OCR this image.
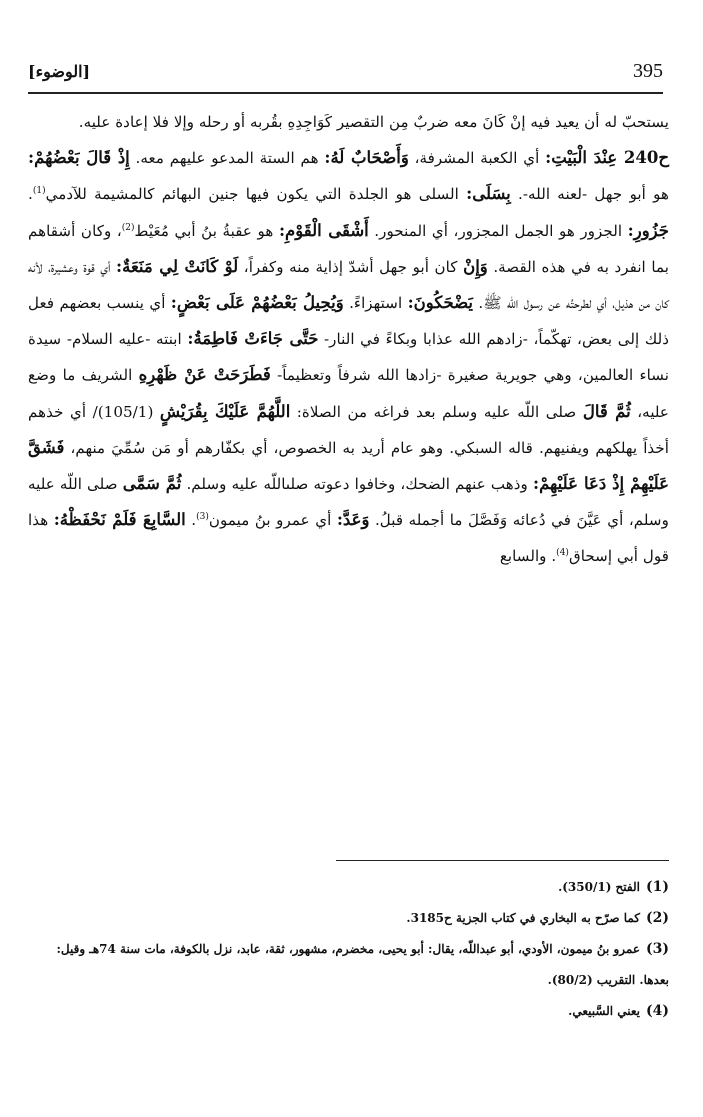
[الوضوء]	395

يستحبّ له أن يعيد فيه إنْ كَانَ معه ضربٌ مِن التقصير كَوَاجِدِهِ بقُربه أو رحله وإلا فلا إعادة عليه.

ح240 عِنْدَ الْبَيْتِ: أي الكعبة المشرفة، وَأَصْحَابٌ لَهُ: هم الستة المدعو عليهم معه. إِذْ قَالَ بَعْضُهُمْ: هو أبو جهل -لعنه الله-. بِسَلَى: السلى هو الجلدة التي يكون فيها جنين البهائم كالمشيمة للآدمي$^{(1)}$. جَزُورِ: الجزور هو الجمل المجزور، أي المنحور. أَشْقَى الْقَوْمِ: هو عقبةُ بنُ أبي مُعَيْط$^{(2)}$، وكان أشقاهم بما انفرد به في هذه القصة. وَإِنْ كان أبو جهل أشدّ إذاية منه وكفراً، لَوْ كَانَتْ لِي مَنَعَةٌ: أي قوة وعشيرة، لأنه كان من هذيل، أي لطرحتُه عن رسول الله ﷺ. يَضْحَكُونَ: استهزاءً. وَيُحِيلُ بَعْضُهُمْ عَلَى بَعْضٍ: أي ينسب بعضهم فعل ذلك إلى بعض، تهكّماً، -زادهم الله عذابا وبكاءً في النار- حَتَّى جَاءَتْ فَاطِمَةُ: ابنته -عليه السلام- سيدة نساء العالمين، وهي جويرية صغيرة -زادها الله شرفاً وتعظيماً- فَطَرَحَتْ عَنْ ظَهْرِهِ الشريف ما وضع عليه، ثُمَّ قَالَ صلى اللّه عليه وسلم بعد فراغه من الصلاة: اللَّهُمَّ عَلَيْكَ بِقُرَيْشٍ (105/1)/ أي خذهم أخذاً يهلكهم ويفنيهم. قاله السبكي. وهو عام أريد به الخصوص، أي بكفّارهم أو مَن سُمِّيَ منهم، فَشَقَّ عَلَيْهِمْ إِذْ دَعَا عَلَيْهِمْ: وذهب عنهم الضحك، وخافوا دعوته صلىاللّه عليه وسلم. ثُمَّ سَمَّى صلى اللّه عليه وسلم، أي عَيَّنَ في دُعائه وَفَصَّلَ ما أجمله قبلُ. وَعَدَّ: أي عمرو بنُ ميمون$^{(3)}$. السَّابِعَ فَلَمْ نَحْفَظْهُ: هذا قول أبي إسحاق$^{(4)}$. والسابع

(1)الفتح (350/1).

(2)كما صرّح به البخاري في كتاب الجزية ح3185.

(3)عمرو بنُ ميمون، الأودي، أبو عبداللّه، يقال: أبو يحيى، مخضرم، مشهور، ثقة، عابد، نزل بالكوفة، مات سنة 74هـ وقيل: بعدها. التقريب (80/2).

(4)يعني السَّبيعي.
